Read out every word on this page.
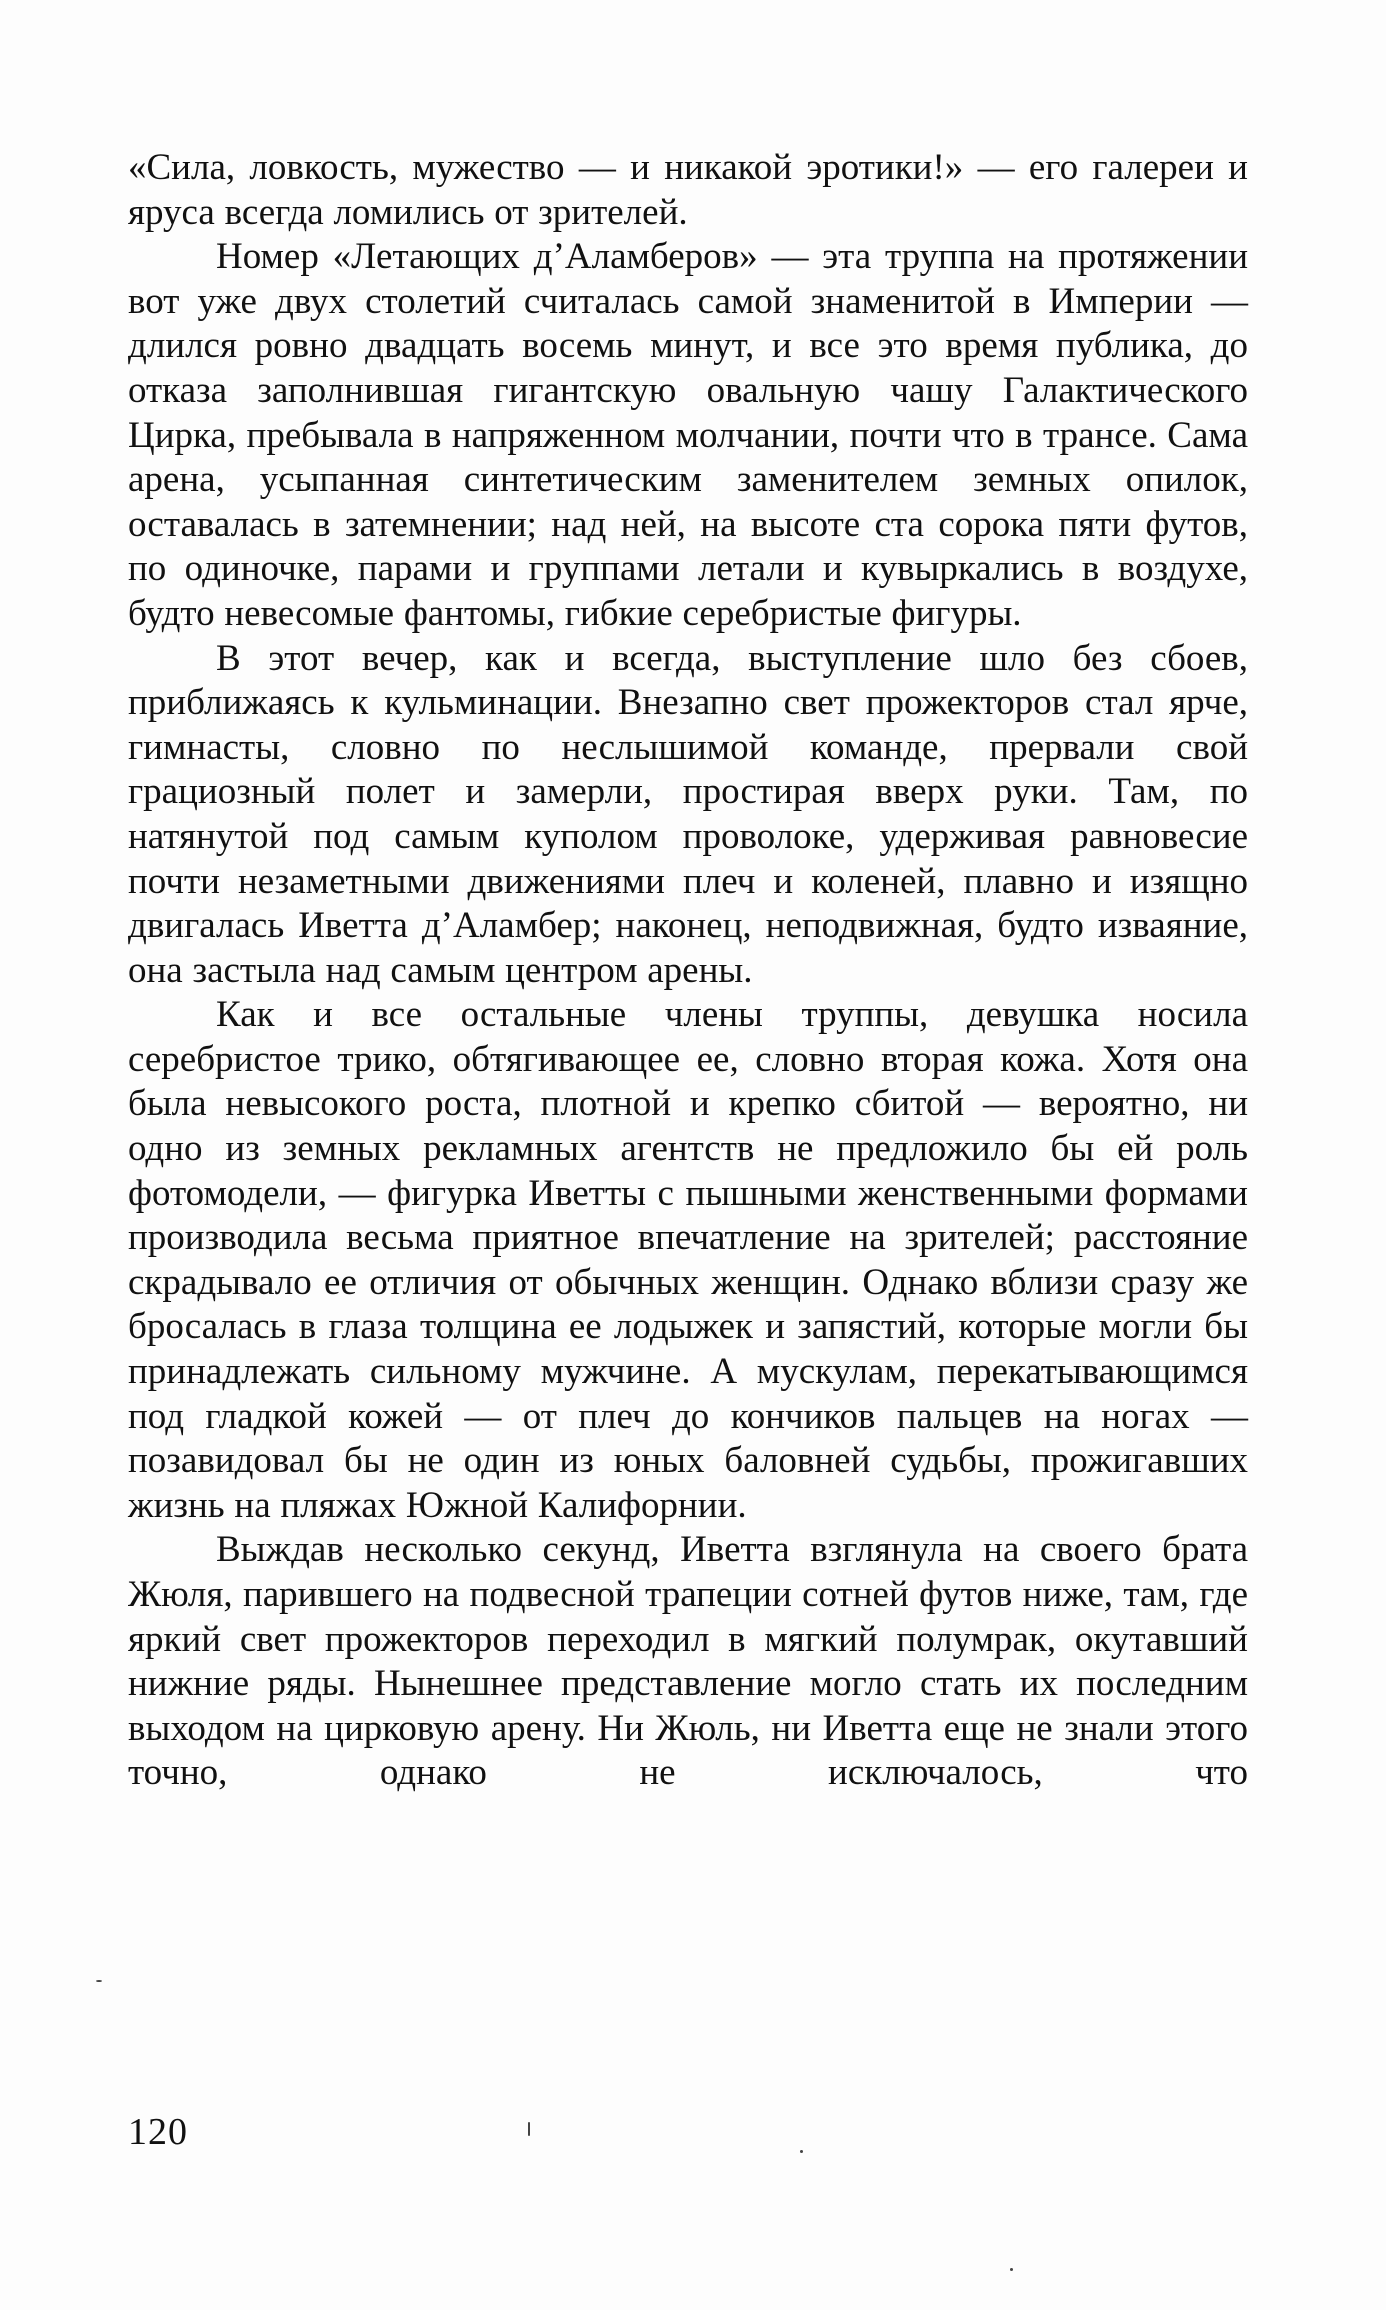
«Сила, ловкость, мужество — и никакой эротики!» — его галереи и яруса всегда ломились от зрителей.

Номер «Летающих д’Аламберов» — эта труппа на протяжении вот уже двух столетий считалась самой знаменитой в Империи — длился ровно двадцать восемь минут, и все это время публика, до отказа заполнившая гигантскую овальную чашу Галактического Цирка, пребывала в напряженном молчании, почти что в трансе. Сама арена, усыпанная синтетическим заменителем земных опилок, оставалась в затемнении; над ней, на высоте ста сорока пяти футов, по одиночке, парами и группами летали и кувыркались в воздухе, будто невесомые фантомы, гибкие серебристые фигуры.

В этот вечер, как и всегда, выступление шло без сбоев, приближаясь к кульминации. Внезапно свет прожекторов стал ярче, гимнасты, словно по неслышимой команде, прервали свой грациозный полет и замерли, простирая вверх руки. Там, по натянутой под самым куполом проволоке, удерживая равновесие почти незаметными движениями плеч и коленей, плавно и изящно двигалась Иветта д’Аламбер; наконец, неподвижная, будто изваяние, она застыла над самым центром арены.

Как и все остальные члены труппы, девушка носила серебристое трико, обтягивающее ее, словно вторая кожа. Хотя она была невысокого роста, плотной и крепко сбитой — вероятно, ни одно из земных рекламных агентств не предложило бы ей роль фотомодели, — фигурка Иветты с пышными женственными формами производила весьма приятное впечатление на зрителей; расстояние скрадывало ее отличия от обычных женщин. Однако вблизи сразу же бросалась в глаза толщина ее лодыжек и запястий, которые могли бы принадлежать сильному мужчине. А мускулам, перекатывающимся под гладкой кожей — от плеч до кончиков пальцев на ногах — позавидовал бы не один из юных баловней судьбы, прожигавших жизнь на пляжах Южной Калифорнии.

Выждав несколько секунд, Иветта взглянула на своего брата Жюля, парившего на подвесной трапеции сотней футов ниже, там, где яркий свет прожекторов переходил в мягкий полумрак, окутавший нижние ряды. Нынешнее представление могло стать их последним выходом на цирковую арену. Ни Жюль, ни Иветта еще не знали этого точно, однако не исключалось, что

120
